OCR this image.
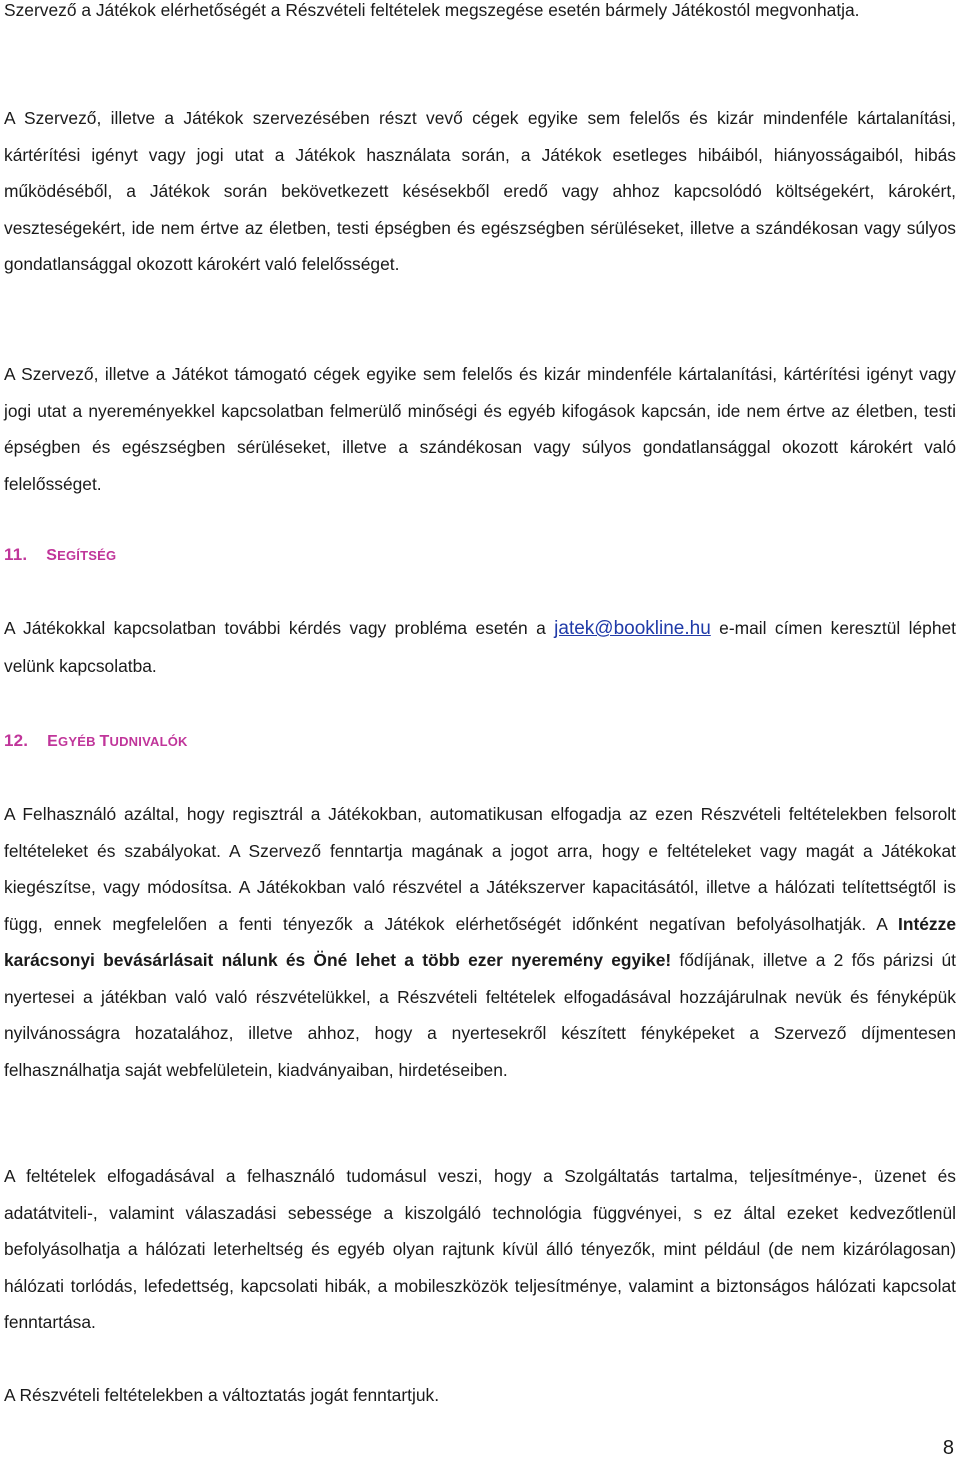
Szervező a Játékok elérhetőségét a Részvételi feltételek megszegése esetén bármely Játékostól megvonhatja.

A Szervező, illetve a Játékok szervezésében részt vevő cégek egyike sem felelős és kizár mindenféle kártalanítási, kártérítési igényt vagy jogi utat a Játékok használata során, a Játékok esetleges hibáiból, hiányosságaiból, hibás működéséből, a Játékok során bekövetkezett késésekből eredő vagy ahhoz kapcsolódó költségekért, károkért, veszteségekért, ide nem értve az életben, testi épségben és egészségben sérüléseket, illetve a szándékosan vagy súlyos gondatlansággal okozott károkért való felelősséget.

A Szervező, illetve a Játékot támogató cégek egyike sem felelős és kizár mindenféle kártalanítási, kártérítési igényt vagy jogi utat a nyereményekkel kapcsolatban felmerülő minőségi és egyéb kifogások kapcsán, ide nem értve az életben, testi épségben és egészségben sérüléseket, illetve a szándékosan vagy súlyos gondatlansággal okozott károkért való felelősséget.

11. SEGÍTSÉG

A Játékokkal kapcsolatban további kérdés vagy probléma esetén a jatek@bookline.hu e-mail címen keresztül léphet velünk kapcsolatba.

12. EGYÉB TUDNIVALÓK

A Felhasználó azáltal, hogy regisztrál a Játékokban, automatikusan elfogadja az ezen Részvételi feltételekben felsorolt feltételeket és szabályokat. A Szervező fenntartja magának a jogot arra, hogy e feltételeket vagy magát a Játékokat kiegészítse, vagy módosítsa. A Játékokban való részvétel a Játékszerver kapacitásától, illetve a hálózati telítettségtől is függ, ennek megfelelően a fenti tényezők a Játékok elérhetőségét időnként negatívan befolyásolhatják. A Intézze karácsonyi bevásárlásait nálunk és Öné lehet a több ezer nyeremény egyike! fődíjának, illetve a 2 fős párizsi út nyertesei a játékban való való részvételükkel, a Részvételi feltételek elfogadásával hozzájárulnak nevük és fényképük nyilvánosságra hozatalához, illetve ahhoz, hogy a nyertesekről készített fényképeket a Szervező díjmentesen felhasználhatja saját webfelületein, kiadványaiban, hirdetéseiben.

A feltételek elfogadásával a felhasználó tudomásul veszi, hogy a Szolgáltatás tartalma, teljesítménye-, üzenet és adatátviteli-, valamint válaszadási sebessége a kiszolgáló technológia függvényei, s ez által ezeket kedvezőtlenül befolyásolhatja a hálózati leterheltség és egyéb olyan rajtunk kívül álló tényezők, mint például (de nem kizárólagosan) hálózati torlódás, lefedettség, kapcsolati hibák, a mobileszközök teljesítménye, valamint a biztonságos hálózati kapcsolat fenntartása.

A Részvételi feltételekben a változtatás jogát fenntartjuk.

8
